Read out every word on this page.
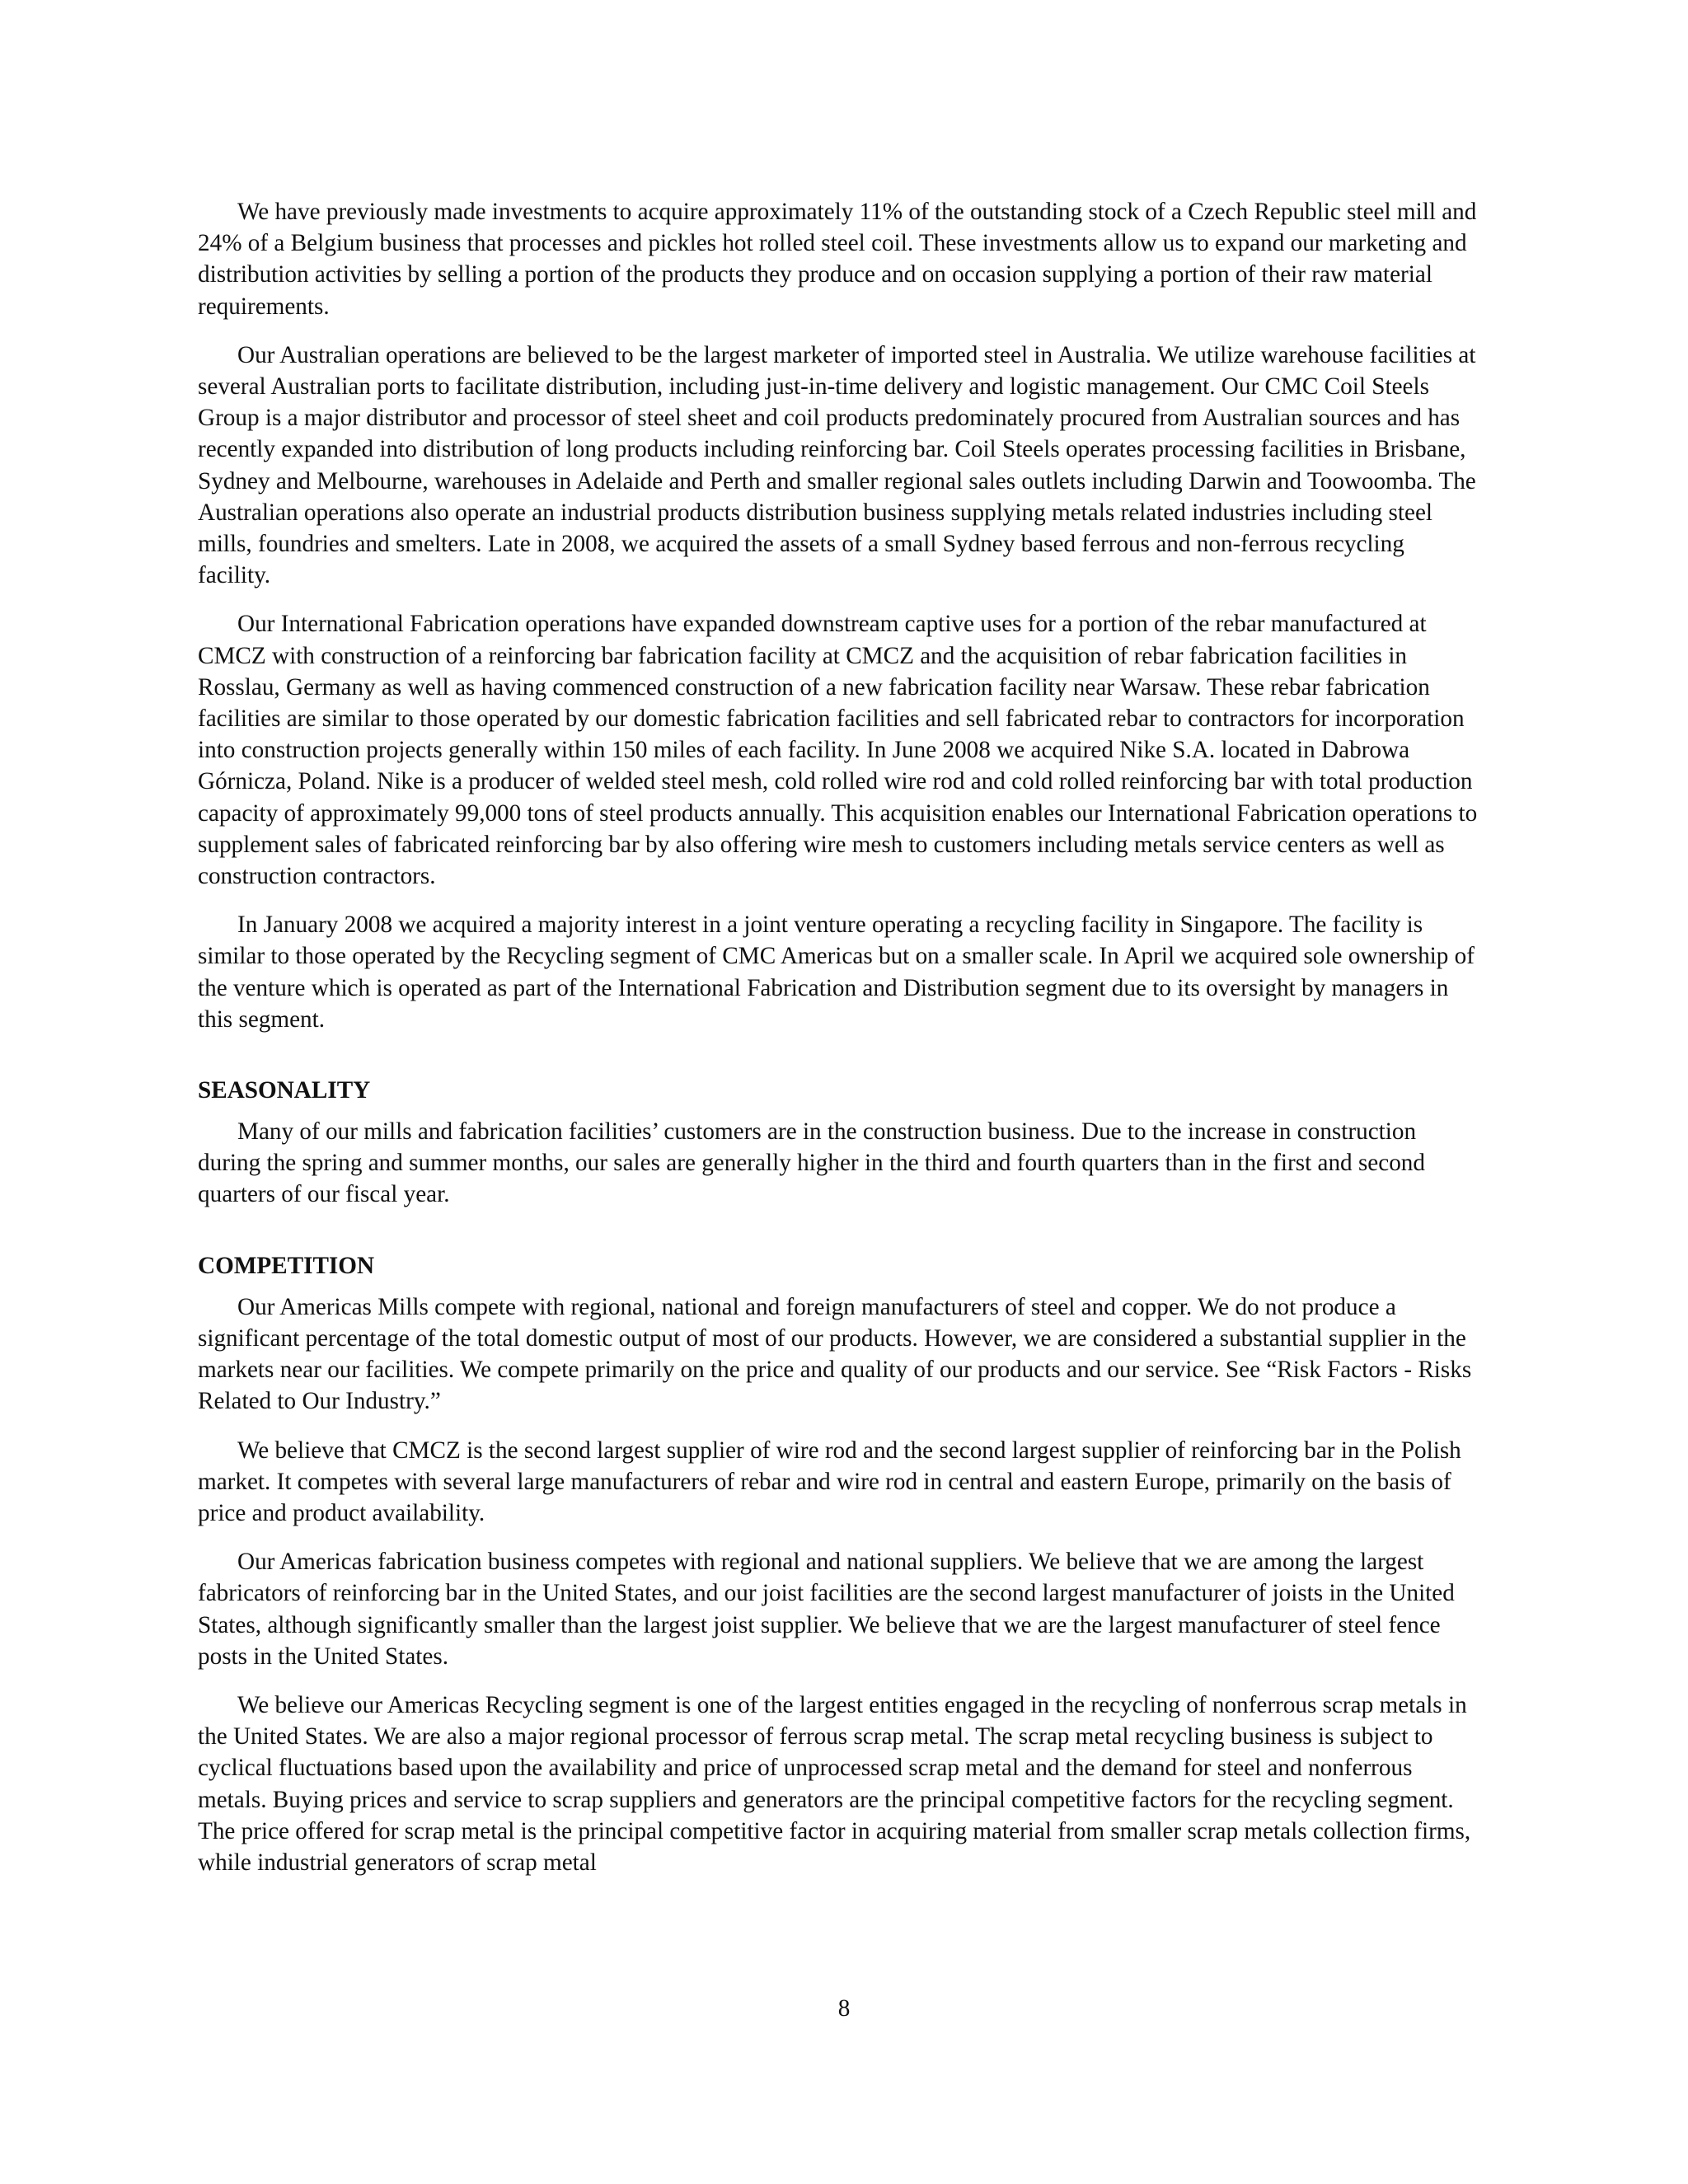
We have previously made investments to acquire approximately 11% of the outstanding stock of a Czech Republic steel mill and 24% of a Belgium business that processes and pickles hot rolled steel coil. These investments allow us to expand our marketing and distribution activities by selling a portion of the products they produce and on occasion supplying a portion of their raw material requirements.

Our Australian operations are believed to be the largest marketer of imported steel in Australia. We utilize warehouse facilities at several Australian ports to facilitate distribution, including just-in-time delivery and logistic management. Our CMC Coil Steels Group is a major distributor and processor of steel sheet and coil products predominately procured from Australian sources and has recently expanded into distribution of long products including reinforcing bar. Coil Steels operates processing facilities in Brisbane, Sydney and Melbourne, warehouses in Adelaide and Perth and smaller regional sales outlets including Darwin and Toowoomba. The Australian operations also operate an industrial products distribution business supplying metals related industries including steel mills, foundries and smelters. Late in 2008, we acquired the assets of a small Sydney based ferrous and non-ferrous recycling facility.

Our International Fabrication operations have expanded downstream captive uses for a portion of the rebar manufactured at CMCZ with construction of a reinforcing bar fabrication facility at CMCZ and the acquisition of rebar fabrication facilities in Rosslau, Germany as well as having commenced construction of a new fabrication facility near Warsaw. These rebar fabrication facilities are similar to those operated by our domestic fabrication facilities and sell fabricated rebar to contractors for incorporation into construction projects generally within 150 miles of each facility. In June 2008 we acquired Nike S.A. located in Dabrowa Górnicza, Poland. Nike is a producer of welded steel mesh, cold rolled wire rod and cold rolled reinforcing bar with total production capacity of approximately 99,000 tons of steel products annually. This acquisition enables our International Fabrication operations to supplement sales of fabricated reinforcing bar by also offering wire mesh to customers including metals service centers as well as construction contractors.

In January 2008 we acquired a majority interest in a joint venture operating a recycling facility in Singapore. The facility is similar to those operated by the Recycling segment of CMC Americas but on a smaller scale. In April we acquired sole ownership of the venture which is operated as part of the International Fabrication and Distribution segment due to its oversight by managers in this segment.

SEASONALITY

Many of our mills and fabrication facilities’ customers are in the construction business. Due to the increase in construction during the spring and summer months, our sales are generally higher in the third and fourth quarters than in the first and second quarters of our fiscal year.

COMPETITION

Our Americas Mills compete with regional, national and foreign manufacturers of steel and copper. We do not produce a significant percentage of the total domestic output of most of our products. However, we are considered a substantial supplier in the markets near our facilities. We compete primarily on the price and quality of our products and our service. See “Risk Factors - Risks Related to Our Industry.”

We believe that CMCZ is the second largest supplier of wire rod and the second largest supplier of reinforcing bar in the Polish market. It competes with several large manufacturers of rebar and wire rod in central and eastern Europe, primarily on the basis of price and product availability.

Our Americas fabrication business competes with regional and national suppliers. We believe that we are among the largest fabricators of reinforcing bar in the United States, and our joist facilities are the second largest manufacturer of joists in the United States, although significantly smaller than the largest joist supplier. We believe that we are the largest manufacturer of steel fence posts in the United States.

We believe our Americas Recycling segment is one of the largest entities engaged in the recycling of nonferrous scrap metals in the United States. We are also a major regional processor of ferrous scrap metal. The scrap metal recycling business is subject to cyclical fluctuations based upon the availability and price of unprocessed scrap metal and the demand for steel and nonferrous metals. Buying prices and service to scrap suppliers and generators are the principal competitive factors for the recycling segment. The price offered for scrap metal is the principal competitive factor in acquiring material from smaller scrap metals collection firms, while industrial generators of scrap metal

8
